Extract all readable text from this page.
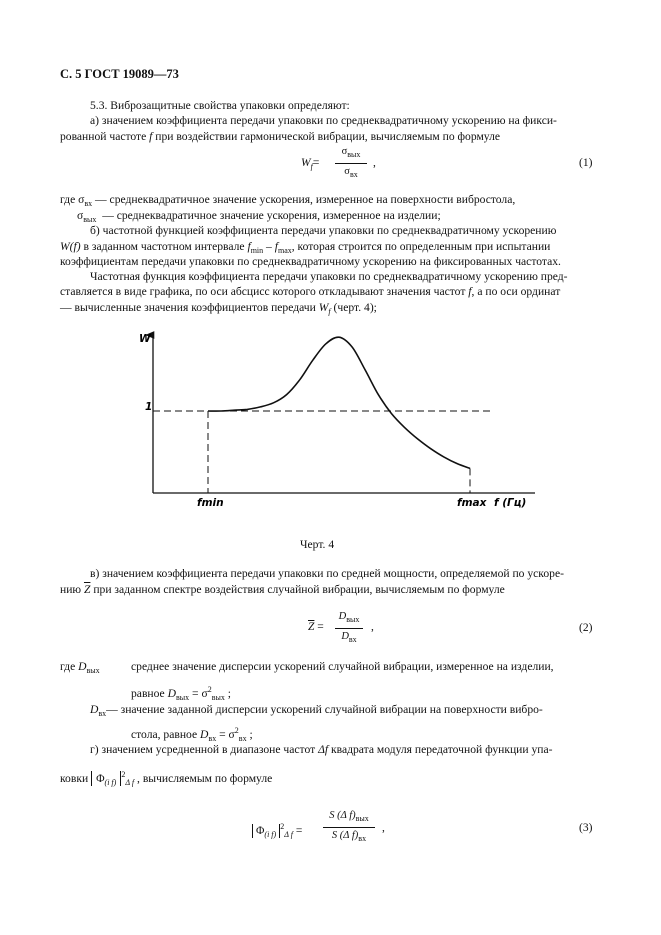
С. 5 ГОСТ 19089—73
5.3. Виброзащитные свойства упаковки определяют:
а) значением коэффициента передачи упаковки по среднеквадратичному ускорению на фикси-
рованной частоте f при воздействии гармонической вибрации, вычисляемым по формуле
$W_f=$
$\sigma_{вых}$
$\sigma_{вх}$
,	(1)
где $\sigma_{вх}$ — среднеквадратичное значение ускорения, измеренное на поверхности вибростола,
$\sigma_{вых}$ — среднеквадратичное значение ускорения, измеренное на изделии;
б) частотной функцией коэффициента передачи упаковки по среднеквадратичному ускорению
W(f) в заданном частотном интервале $f_{min} - f_{max}$, которая строится по определенным при испытании
коэффициентам передачи упаковки по среднеквадратичному ускорению на фиксированных частотах.
Частотная функция коэффициента передачи упаковки по среднеквадратичному ускорению пред-
ставляется в виде графика, по оси абсцисс которого откладывают значения частот f, а по оси ординат
— вычисленные значения коэффициентов передачи $W_f$ (черт. 4);
W
1
fmin	fmax f (Гц)
Черт. 4
в) значением коэффициента передачи упаковки по средней мощности, определяемой по ускоре-
нию $\overline{Z}$ при заданном спектре воздействия случайной вибрации, вычисляемым по формуле
$\overline{Z}$ =
$D_{вых}$
$D_{вх}$
,	(2)
где $D_{вых}$	среднее значение дисперсии ускорений случайной вибрации, измеренное на изделии,
равное $D_{вых} = \sigma^2_{вых}$ ;
$D_{вх}—$ значение заданной дисперсии ускорений случайной вибрации на поверхности вибро-
стола, равное $D_{вх} = \sigma^2_{вх}$ ;
г) значением усредненной в диапазоне частот Δf квадрата модуля передаточной функции упа-
ковки $\Phi_{(i f)}^2_{\Delta f}$ , вычисляемым по формуле
$\Phi_{(i f)}^2_{\Delta f}$ =
S (Δ $f)_{вых}$
S (Δ $f)_{вх}$
,	(3)
